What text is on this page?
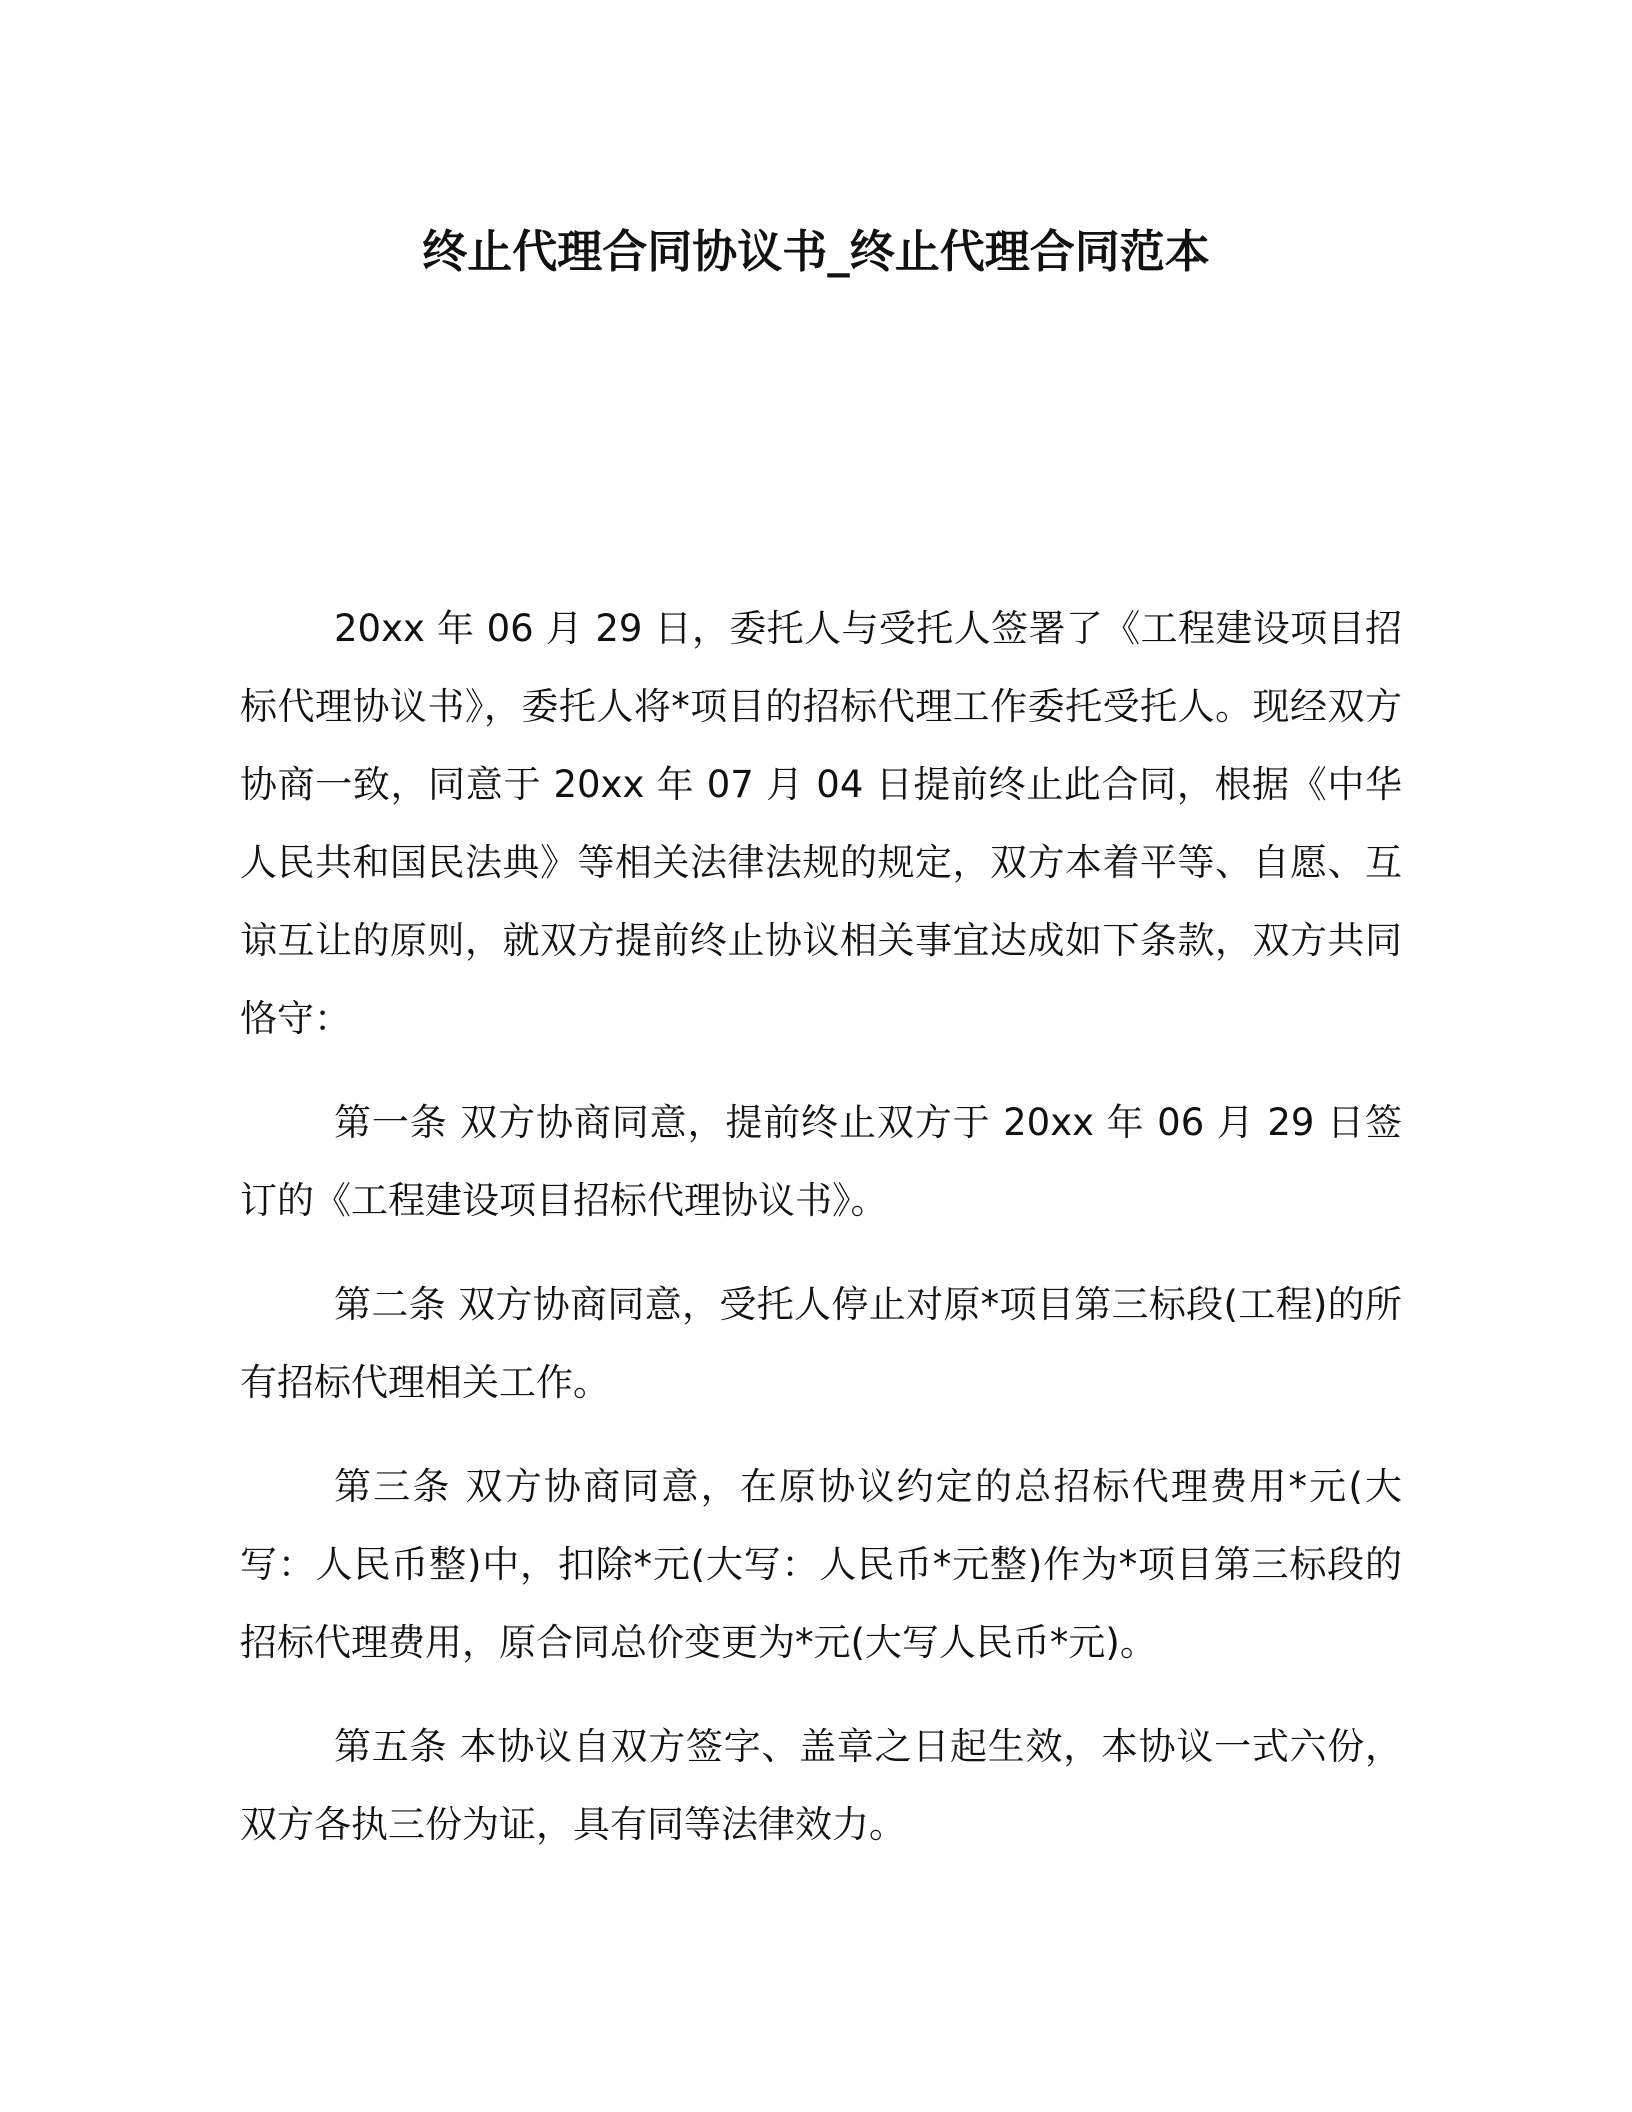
终止代理合同协议书_终止代理合同范本

20xx 年 06 月 29 日，委托人与受托人签署了《工程建设项目招标代理协议书》，委托人将*项目的招标代理工作委托受托人。现经双方协商一致，同意于 20xx 年 07 月 04 日提前终止此合同，根据《中华人民共和国民法典》等相关法律法规的规定，双方本着平等、自愿、互谅互让的原则，就双方提前终止协议相关事宜达成如下条款，双方共同恪守：

第一条 双方协商同意，提前终止双方于 20xx 年 06 月 29 日签订的《工程建设项目招标代理协议书》。

第二条 双方协商同意，受托人停止对原*项目第三标段(工程)的所有招标代理相关工作。

第三条 双方协商同意，在原协议约定的总招标代理费用*元(大写：人民币整)中，扣除*元(大写：人民币*元整)作为*项目第三标段的招标代理费用，原合同总价变更为*元(大写人民币*元)。

第五条 本协议自双方签字、盖章之日起生效，本协议一式六份，双方各执三份为证，具有同等法律效力。
